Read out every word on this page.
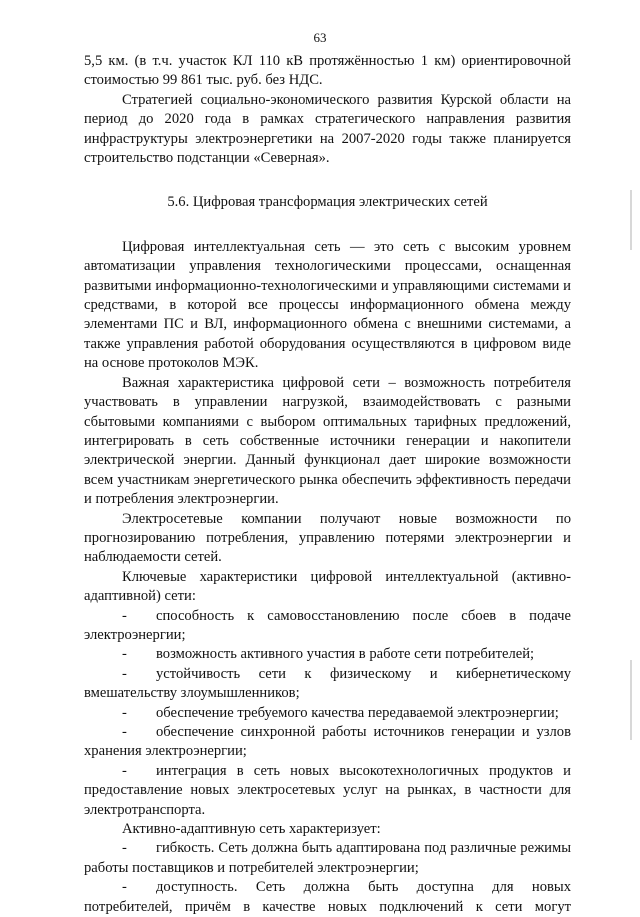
63

5,5 км. (в т.ч. участок КЛ 110 кВ протяжённостью 1 км) ориентировочной стоимостью 99 861 тыс. руб. без НДС.

Стратегией социально-экономического развития Курской области на период до 2020 года в рамках стратегического направления развития инфраструктуры электроэнергетики на 2007-2020 годы также планируется строительство подстанции «Северная».

5.6. Цифровая трансформация электрических сетей

Цифровая интеллектуальная сеть — это сеть с высоким уровнем автоматизации управления технологическими процессами, оснащенная развитыми информационно-технологическими и управляющими системами и средствами, в которой все процессы информационного обмена между элементами ПС и ВЛ, информационного обмена с внешними системами, а также управления работой оборудования осуществляются в цифровом виде на основе протоколов МЭК.

Важная характеристика цифровой сети – возможность потребителя участвовать в управлении нагрузкой, взаимодействовать с разными сбытовыми компаниями с выбором оптимальных тарифных предложений, интегрировать в сеть собственные источники генерации и накопители электрической энергии. Данный функционал дает широкие возможности всем участникам энергетического рынка обеспечить эффективность передачи и потребления электроэнергии.

Электросетевые компании получают новые возможности по прогнозированию потребления, управлению потерями электроэнергии и наблюдаемости сетей.

Ключевые характеристики цифровой интеллектуальной (активно-адаптивной) сети:

- способность к самовосстановлению после сбоев в подаче электроэнергии;

- возможность активного участия в работе сети потребителей;

- устойчивость сети к физическому и кибернетическому вмешательству злоумышленников;

- обеспечение требуемого качества передаваемой электроэнергии;

- обеспечение синхронной работы источников генерации и узлов хранения электроэнергии;

- интеграция в сеть новых высокотехнологичных продуктов и предоставление новых электросетевых услуг на рынках, в частности для электротранспорта.

Активно-адаптивную сеть характеризует:

- гибкость. Сеть должна быть адаптирована под различные режимы работы поставщиков и потребителей электроэнергии;

- доступность. Сеть должна быть доступна для новых потребителей, причём в качестве новых подключений к сети могут
